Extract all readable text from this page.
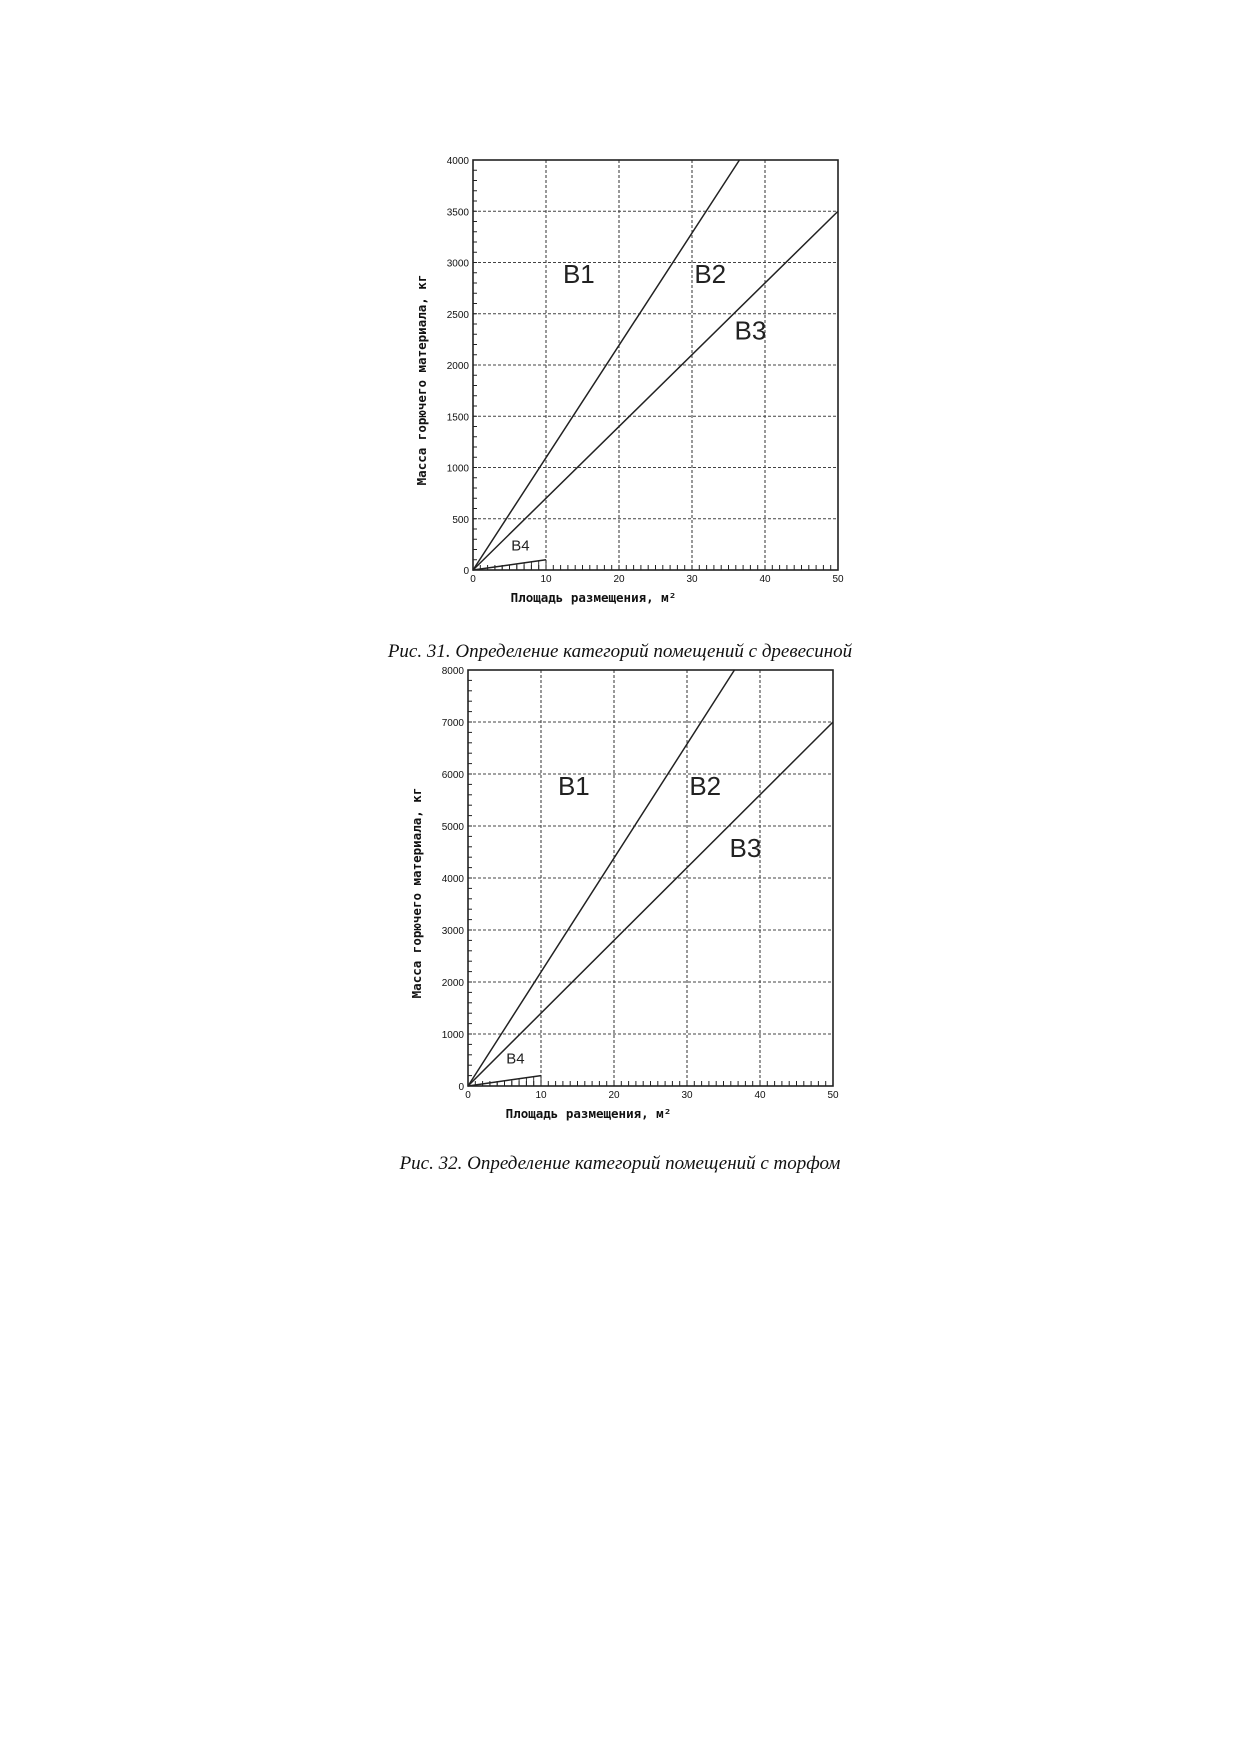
0	10	20	30	40	50
0
500
1000
1500
2000
2500
3000
3500
4000
Площадь размещения, м²
Масса горючего материала, кг
B1	B2
B3
B4
Рис. 31. Определение категорий помещений с древесиной
0	10	20	30	40	50
0
1000
2000
3000
4000
5000
6000
7000
8000
Площадь размещения, м²
Масса горючего материала, кг
B1	B2
B3
B4
Рис. 32. Определение категорий помещений с торфом
